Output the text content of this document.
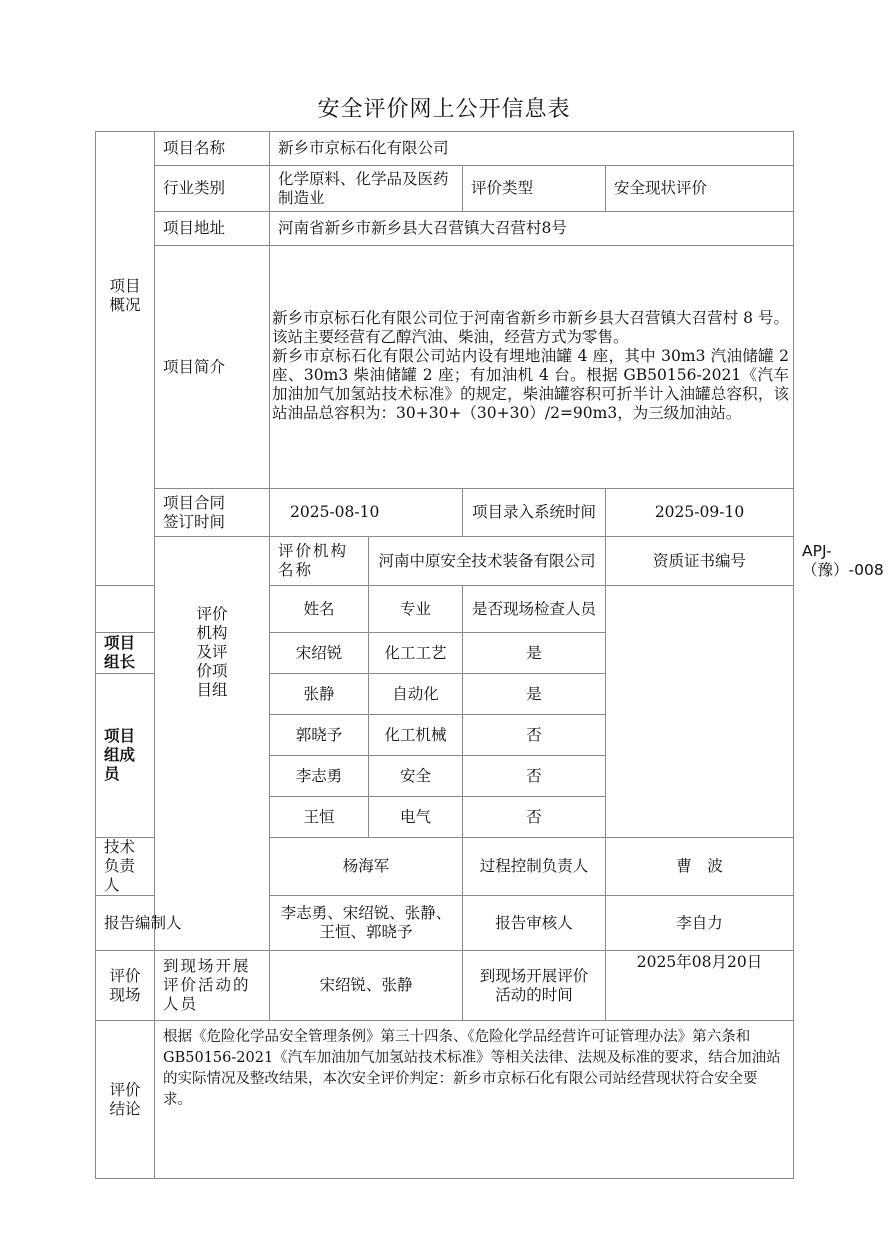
安全评价网上公开信息表
项目概况	项目名称	新乡市京标石化有限公司				
	行业类别	化学原料、化学品及医药制造业		评价类型	安全现状评价	
	项目地址	河南省新乡市新乡县大召营镇大召营村8号				
	项目简介	新乡市京标石化有限公司位于河南省新乡市新乡县大召营镇大召营村 8 号。该站主要经营有乙醇汽油、柴油，经营方式为零售。

新乡市京标石化有限公司站内设有埋地油罐 4 座，其中 30m3 汽油储罐 2 座、30m3 柴油储罐 2 座；有加油机 4 台。根据 GB50156-2021《汽车加油加气加氢站技术标准》的规定，柴油罐容积可折半计入油罐总容积，该站油品总容积为：30+30+（30+30）/2=90m3，为三级加油站。				

	项目合同签订时间	2025-08-10		项目录入系统时间	2025-09-10	
	评价机构及评价项目组	评价机构名称	河南中原安全技术装备有限公司		资质证书编号	APJ-（豫）-008
		姓名	专业	是否现场检查人员		
项目组长		宋绍锐	化工工艺	是		
项目组成员		张静	自动化	是		
		郭晓予	化工机械	否		
		李志勇	安全	否		
		王恒	电气	否		
技术负责人		杨海军		过程控制负责人	曹　波	
报告编制人		李志勇、宋绍锐、张静、王恒、郭晓予		报告审核人	李自力	
评价现场	到现场开展评价活动的人员	宋绍锐、张静		到现场开展评价活动的时间	2025年08月20日	
评价结论	根据《危险化学品安全管理条例》第三十四条、《危险化学品经营许可证管理办法》第六条和 GB50156-2021《汽车加油加气加氢站技术标准》等相关法律、法规及标准的要求，结合加油站的实际情况及整改结果，本次安全评价判定：新乡市京标石化有限公司站经营现状符合安全要求。					
